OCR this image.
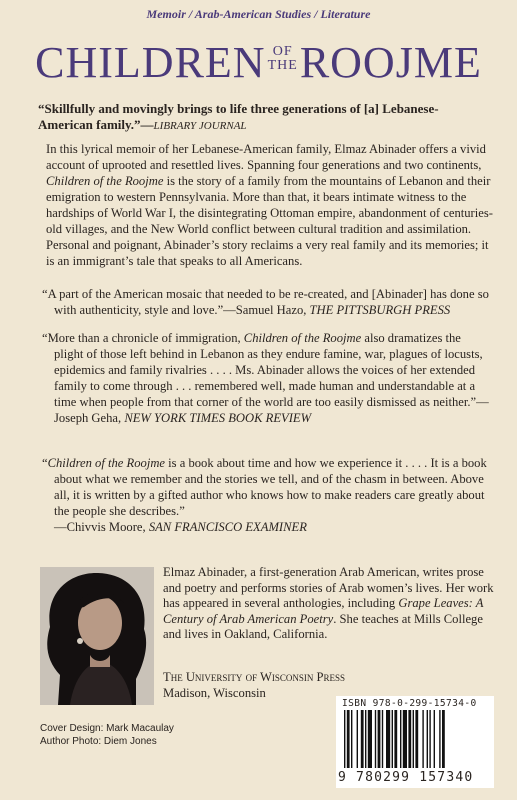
Memoir / Arab-American Studies / Literature
CHILDREN OF
THE ROOJME
“Skillfully and movingly brings to life three generations of [a] Lebanese-American family.”—LIBRARY JOURNAL
In this lyrical memoir of her Lebanese-American family, Elmaz Abinader offers a vivid account of uprooted and resettled lives. Spanning four generations and two continents, Children of the Roojme is the story of a family from the mountains of Lebanon and their emigration to western Pennsylvania. More than that, it bears intimate witness to the hardships of World War I, the disintegrating Ottoman empire, abandonment of centuries-old villages, and the New World conflict between cultural tradition and assimilation. Personal and poignant, Abinader’s story reclaims a very real family and its memories; it is an immigrant’s tale that speaks to all Americans.

“A part of the American mosaic that needed to be re-created, and [Abinader] has done so with authenticity, style and love.”—Samuel Hazo, THE PITTSBURGH PRESS

“More than a chronicle of immigration, Children of the Roojme also dramatizes the plight of those left behind in Lebanon as they endure famine, war, plagues of locusts, epidemics and family rivalries . . . . Ms. Abinader allows the voices of her extended family to come through . . . remembered well, made human and understandable at a time when people from that corner of the world are too easily dismissed as neither.”—Joseph Geha, NEW YORK TIMES BOOK REVIEW

“Children of the Roojme is a book about time and how we experience it . . . . It is a book about what we remember and the stories we tell, and of the chasm in between. Above all, it is written by a gifted author who knows how to make readers care greatly about the people she describes.”

—Chivvis Moore, SAN FRANCISCO EXAMINER
Elmaz Abinader, a first-generation Arab American, writes prose and poetry and performs stories of Arab women’s lives. Her work has appeared in several anthologies, including Grape Leaves: A Century of Arab American Poetry. She teaches at Mills College and lives in Oakland, California.
The University of Wisconsin Press
Madison, Wisconsin
Cover Design: Mark Macaulay
Author Photo: Diem Jones
ISBN 978-0-299-15734-0
9 780299 157340
